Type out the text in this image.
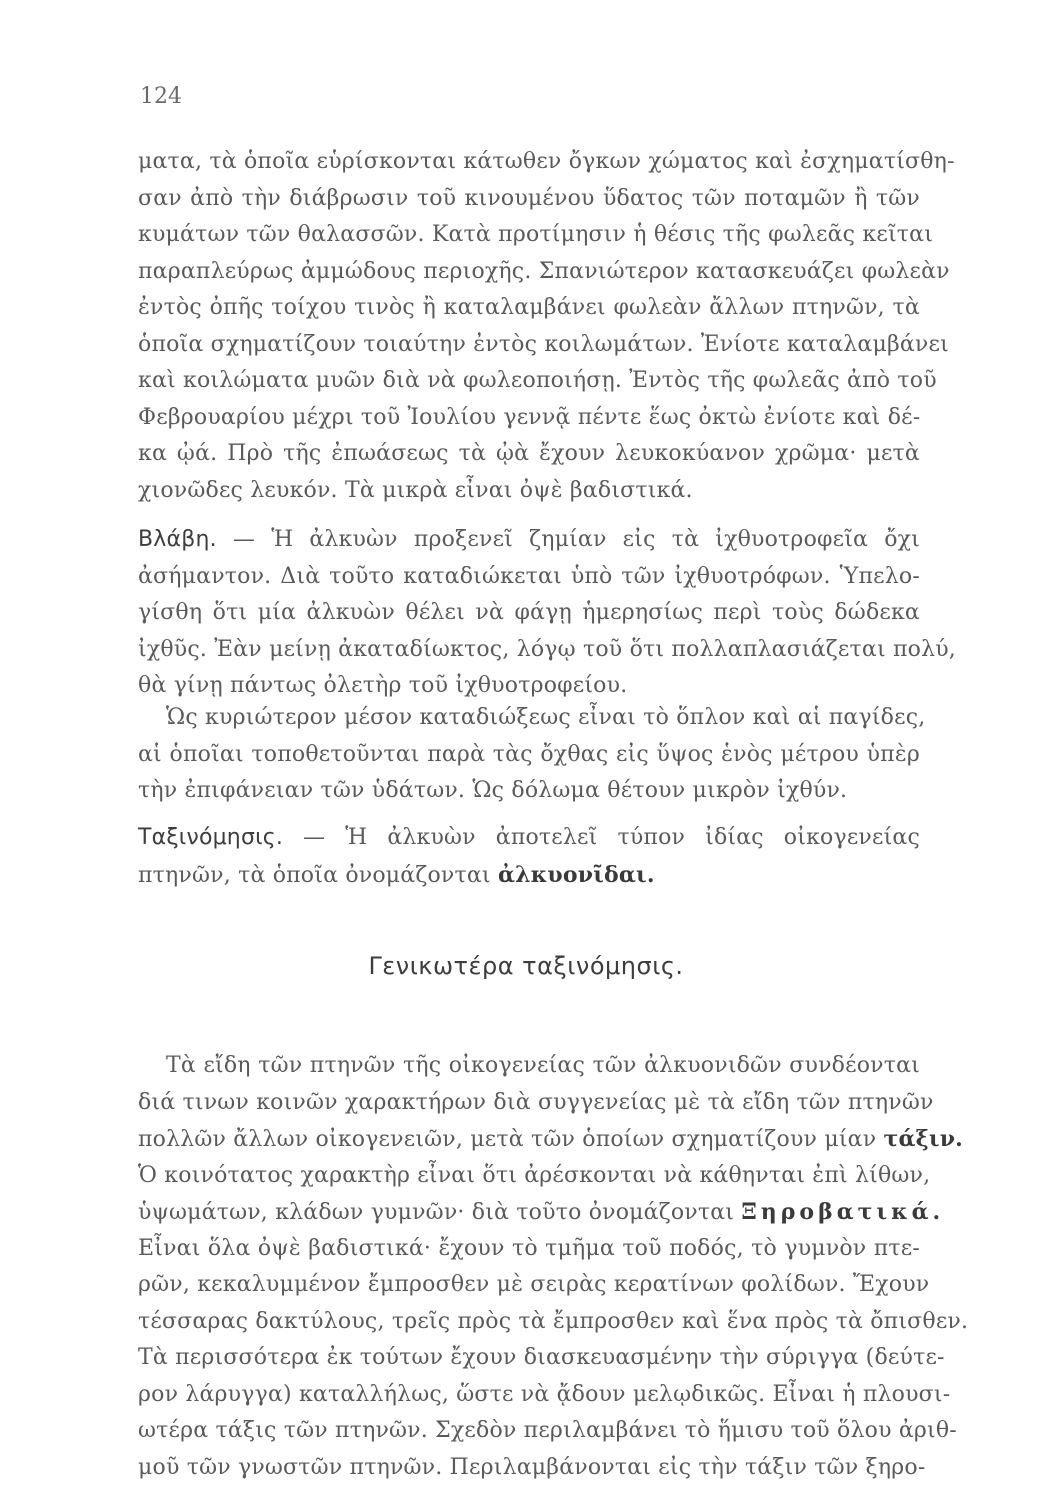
124
ματα, τὰ ὁποῖα εὑρίσκονται κάτωθεν ὄγκων χώματος καὶ ἐσχηματίσθη-
σαν ἀπὸ τὴν διάβρωσιν τοῦ κινουμένου ὕδατος τῶν ποταμῶν ἢ τῶν
κυμάτων τῶν θαλασσῶν. Κατὰ προτίμησιν ἡ θέσις τῆς φωλεᾶς κεῖται
παραπλεύρως ἀμμώδους περιοχῆς. Σπανιώτερον κατασκευάζει φωλεὰν
ἐντὸς ὀπῆς τοίχου τινὸς ἢ καταλαμβάνει φωλεὰν ἄλλων πτηνῶν, τὰ
ὁποῖα σχηματίζουν τοιαύτην ἐντὸς κοιλωμάτων. Ἐνίοτε καταλαμβάνει
καὶ κοιλώματα μυῶν διὰ νὰ φωλεοποιήσῃ. Ἐντὸς τῆς φωλεᾶς ἀπὸ τοῦ
Φεβρουαρίου μέχρι τοῦ Ἰουλίου γεννᾷ πέντε ἕως ὀκτὼ ἐνίοτε καὶ δέ-
κα ᾠά. Πρὸ τῆς ἐπωάσεως τὰ ᾠὰ ἔχουν λευκοκύανον χρῶμα· μετὰ
χιονῶδες λευκόν. Τὰ μικρὰ εἶναι ὀψὲ βαδιστικά.
Βλάβη. — Ἡ ἀλκυὼν προξενεῖ ζημίαν εἰς τὰ ἰχθυοτροφεῖα ὄχι
ἀσήμαντον. Διὰ τοῦτο καταδιώκεται ὑπὸ τῶν ἰχθυοτρόφων. Ὑπελο-
γίσθη ὅτι μία ἀλκυὼν θέλει νὰ φάγῃ ἡμερησίως περὶ τοὺς δώδεκα
ἰχθῦς. Ἐὰν μείνῃ ἀκαταδίωκτος, λόγῳ τοῦ ὅτι πολλαπλασιάζεται πολύ,
θὰ γίνῃ πάντως ὀλετὴρ τοῦ ἰχθυοτροφείου.
Ὡς κυριώτερον μέσον καταδιώξεως εἶναι τὸ ὅπλον καὶ αἱ παγίδες,
αἱ ὁποῖαι τοποθετοῦνται παρὰ τὰς ὄχθας εἰς ὕψος ἑνὸς μέτρου ὑπὲρ
τὴν ἐπιφάνειαν τῶν ὑδάτων. Ὡς δόλωμα θέτουν μικρὸν ἰχθύν.
Ταξινόμησις. — Ἡ ἀλκυὼν ἀποτελεῖ τύπον ἰδίας οἰκογενείας
πτηνῶν, τὰ ὁποῖα ὀνομάζονται ἀλκυονῖδαι.
Γενικωτέρα ταξινόμησις.
Τὰ εἴδη τῶν πτηνῶν τῆς οἰκογενείας τῶν ἀλκυονιδῶν συνδέονται
διά τινων κοινῶν χαρακτήρων διὰ συγγενείας μὲ τὰ εἴδη τῶν πτηνῶν
πολλῶν ἄλλων οἰκογενειῶν, μετὰ τῶν ὁποίων σχηματίζουν μίαν τάξιν.
Ὁ κοινότατος χαρακτὴρ εἶναι ὅτι ἀρέσκονται νὰ κάθηνται ἐπὶ λίθων,
ὑψωμάτων, κλάδων γυμνῶν· διὰ τοῦτο ὀνομάζονται Ξηροβατικά.
Εἶναι ὅλα ὀψὲ βαδιστικά· ἔχουν τὸ τμῆμα τοῦ ποδός, τὸ γυμνὸν πτε-
ρῶν, κεκαλυμμένον ἔμπροσθεν μὲ σειρὰς κερατίνων φολίδων. Ἔχουν
τέσσαρας δακτύλους, τρεῖς πρὸς τὰ ἔμπροσθεν καὶ ἕνα πρὸς τὰ ὄπισθεν.
Τὰ περισσότερα ἐκ τούτων ἔχουν διασκευασμένην τὴν σύριγγα (δεύτε-
ρον λάρυγγα) καταλλήλως, ὥστε νὰ ᾄδουν μελῳδικῶς. Εἶναι ἡ πλουσι-
ωτέρα τάξις τῶν πτηνῶν. Σχεδὸν περιλαμβάνει τὸ ἥμισυ τοῦ ὅλου ἀριθ-
μοῦ τῶν γνωστῶν πτηνῶν. Περιλαμβάνονται εἰς τὴν τάξιν τῶν ξηρο-
